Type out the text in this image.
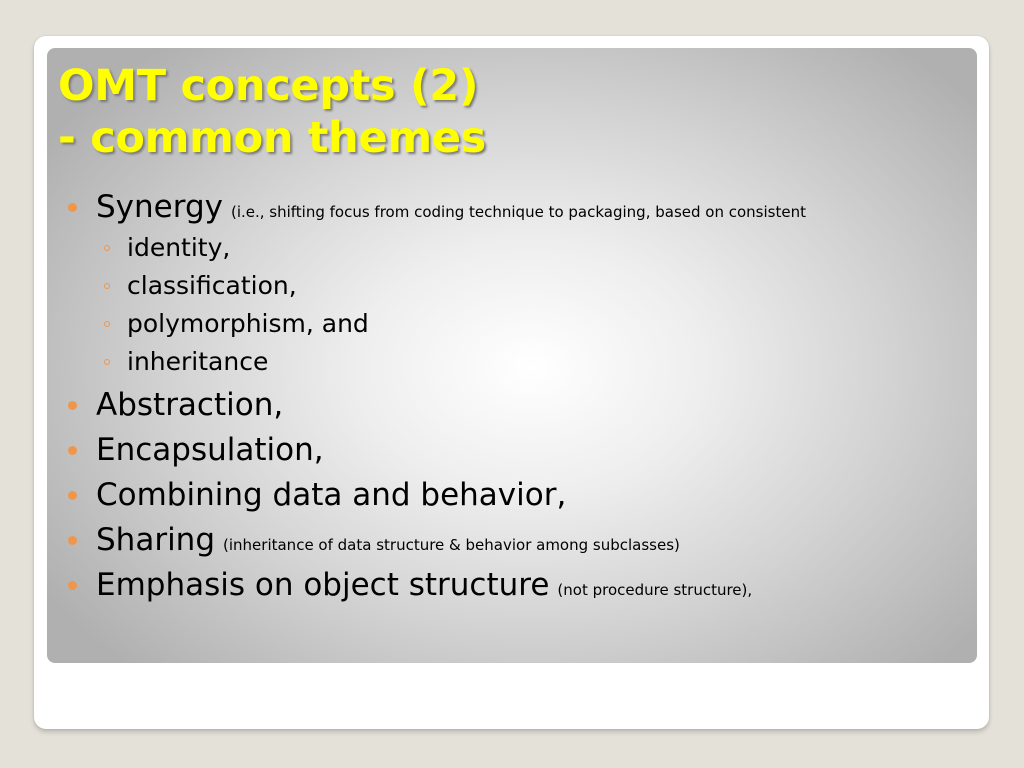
OMT concepts (2)
- common themes
Synergy (i.e., shifting focus from coding technique to packaging, based on consistent
identity,
classification,
polymorphism, and
inheritance
Abstraction,
Encapsulation,
Combining data and behavior,
Sharing (inheritance of data structure & behavior among subclasses)
Emphasis on object structure (not procedure structure),
